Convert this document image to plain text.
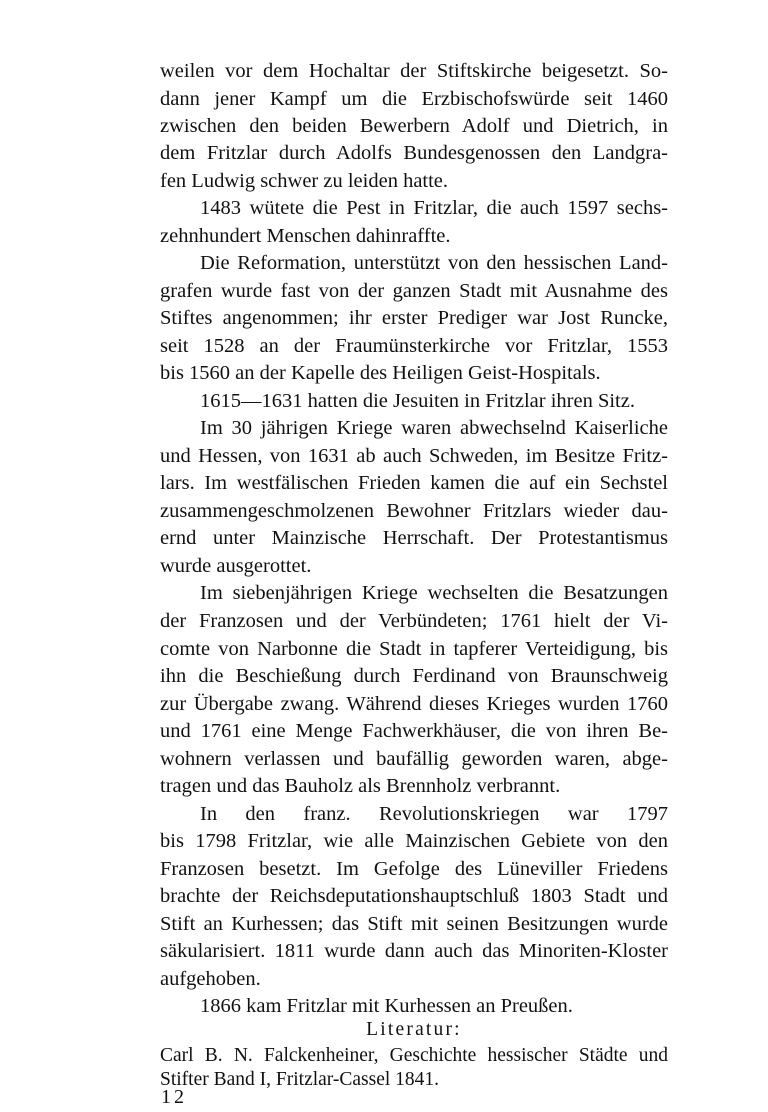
weilen vor dem Hochaltar der Stiftskirche beigesetzt. So-
dann jener Kampf um die Erzbischofswürde seit 1460
zwischen den beiden Bewerbern Adolf und Dietrich, in
dem Fritzlar durch Adolfs Bundesgenossen den Landgra-
fen Ludwig schwer zu leiden hatte.
1483 wütete die Pest in Fritzlar, die auch 1597 sechs-
zehnhundert Menschen dahinraffte.
Die Reformation, unterstützt von den hessischen Land-
grafen wurde fast von der ganzen Stadt mit Ausnahme des
Stiftes angenommen; ihr erster Prediger war Jost Runcke,
seit 1528 an der Fraumünsterkirche vor Fritzlar, 1553
bis 1560 an der Kapelle des Heiligen Geist-Hospitals.
1615—1631 hatten die Jesuiten in Fritzlar ihren Sitz.
Im 30 jährigen Kriege waren abwechselnd Kaiserliche
und Hessen, von 1631 ab auch Schweden, im Besitze Fritz-
lars. Im westfälischen Frieden kamen die auf ein Sechstel
zusammengeschmolzenen Bewohner Fritzlars wieder dau-
ernd unter Mainzische Herrschaft. Der Protestantismus
wurde ausgerottet.
Im siebenjährigen Kriege wechselten die Besatzungen
der Franzosen und der Verbündeten; 1761 hielt der Vi-
comte von Narbonne die Stadt in tapferer Verteidigung, bis
ihn die Beschießung durch Ferdinand von Braunschweig
zur Übergabe zwang. Während dieses Krieges wurden 1760
und 1761 eine Menge Fachwerkhäuser, die von ihren Be-
wohnern verlassen und baufällig geworden waren, abge-
tragen und das Bauholz als Brennholz verbrannt.
In den franz. Revolutionskriegen war 1797
bis 1798 Fritzlar, wie alle Mainzischen Gebiete von den
Franzosen besetzt. Im Gefolge des Lüneviller Friedens
brachte der Reichsdeputationshauptschluß 1803 Stadt und
Stift an Kurhessen; das Stift mit seinen Besitzungen wurde
säkularisiert. 1811 wurde dann auch das Minoriten-Kloster
aufgehoben.
1866 kam Fritzlar mit Kurhessen an Preußen.
Literatur:
Carl B. N. Falckenheiner, Geschichte hessischer Städte und
Stifter Band I, Fritzlar-Cassel 1841.
12
